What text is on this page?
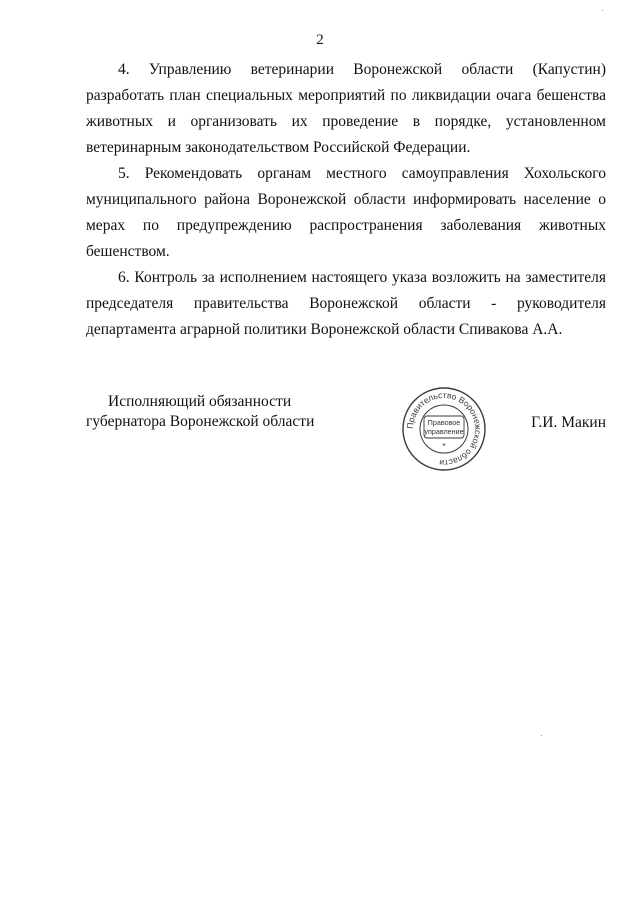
2

4. Управлению ветеринарии Воронежской области (Капустин) разработать план специальных мероприятий по ликвидации очага бешенства животных и организовать их проведение в порядке, установленном ветеринарным законодательством Российской Федерации.

5. Рекомендовать органам местного самоуправления Хохольского муниципального района Воронежской области информировать население о мерах по предупреждению распространения заболевания животных бешенством.

6. Контроль за исполнением настоящего указа возложить на заместителя председателя правительства Воронежской области - руководителя департамента аграрной политики Воронежской области Спивакова А.А.

Исполняющий обязанности
губернатора Воронежской области	Правительство Воронежской области
Правовое
управление
*
Г.И. Макин
